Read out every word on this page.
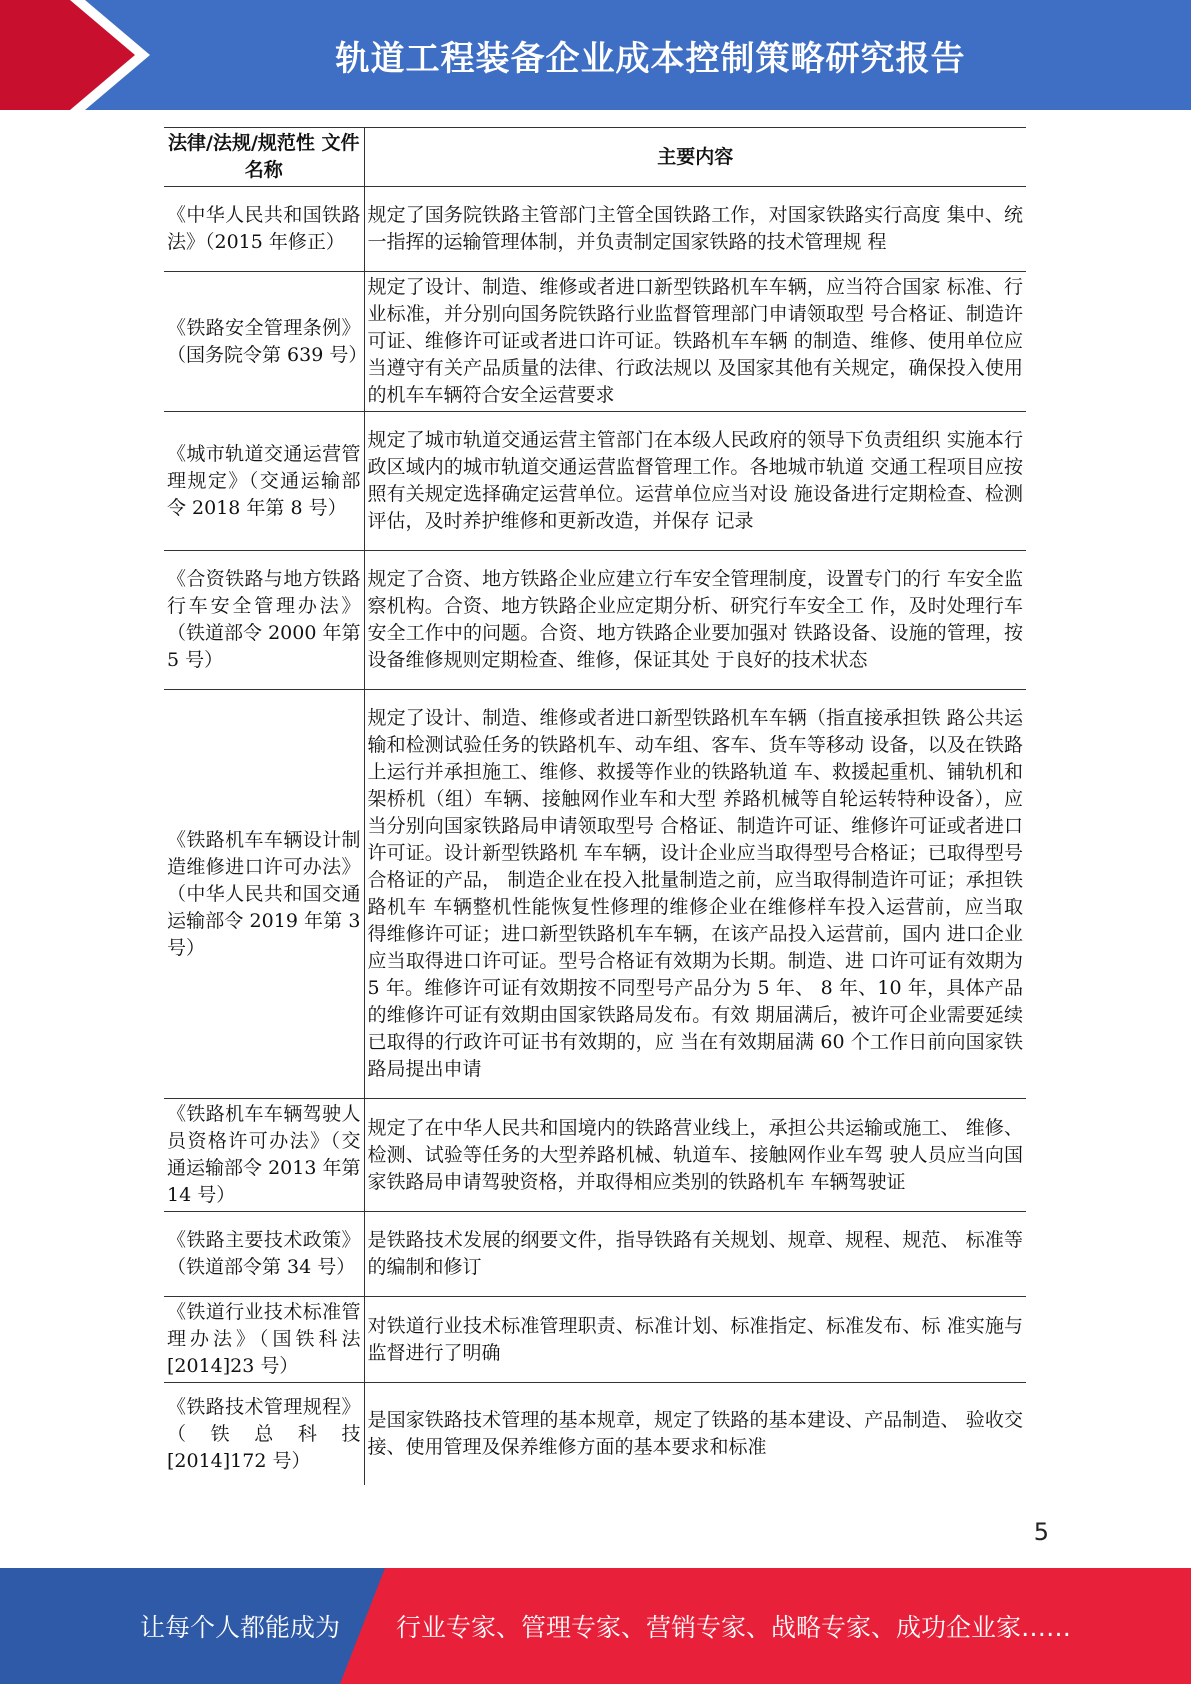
轨道工程装备企业成本控制策略研究报告
法律/法规/规范性 文件名称	主要内容
《中华人民共和国铁路法》（2015 年修正）	规定了国务院铁路主管部门主管全国铁路工作，对国家铁路实行高度 集中、统一指挥的运输管理体制，并负责制定国家铁路的技术管理规 程
《铁路安全管理条例》（国务院令第 639 号）	规定了设计、制造、维修或者进口新型铁路机车车辆，应当符合国家 标准、行业标准，并分别向国务院铁路行业监督管理部门申请领取型 号合格证、制造许可证、维修许可证或者进口许可证。铁路机车车辆 的制造、维修、使用单位应当遵守有关产品质量的法律、行政法规以 及国家其他有关规定，确保投入使用的机车车辆符合安全运营要求
《城市轨道交通运营管理规定》（交通运输部令 2018 年第 8 号）	规定了城市轨道交通运营主管部门在本级人民政府的领导下负责组织 实施本行政区域内的城市轨道交通运营监督管理工作。各地城市轨道 交通工程项目应按照有关规定选择确定运营单位。运营单位应当对设 施设备进行定期检查、检测评估，及时养护维修和更新改造，并保存 记录
《合资铁路与地方铁路行车安全管理办法》（铁道部令 2000 年第 5 号）	规定了合资、地方铁路企业应建立行车安全管理制度，设置专门的行 车安全监察机构。合资、地方铁路企业应定期分析、研究行车安全工 作，及时处理行车安全工作中的问题。合资、地方铁路企业要加强对 铁路设备、设施的管理，按设备维修规则定期检查、维修，保证其处 于良好的技术状态
《铁路机车车辆设计制造维修进口许可办法》（中华人民共和国交通运输部令 2019 年第 3 号）	规定了设计、制造、维修或者进口新型铁路机车车辆（指直接承担铁 路公共运输和检测试验任务的铁路机车、动车组、客车、货车等移动 设备，以及在铁路上运行并承担施工、维修、救援等作业的铁路轨道 车、救援起重机、铺轨机和架桥机（组）车辆、接触网作业车和大型 养路机械等自轮运转特种设备），应当分别向国家铁路局申请领取型号 合格证、制造许可证、维修许可证或者进口许可证。设计新型铁路机 车车辆，设计企业应当取得型号合格证；已取得型号合格证的产品， 制造企业在投入批量制造之前，应当取得制造许可证；承担铁路机车 车辆整机性能恢复性修理的维修企业在维修样车投入运营前，应当取 得维修许可证；进口新型铁路机车车辆，在该产品投入运营前，国内 进口企业应当取得进口许可证。型号合格证有效期为长期。制造、进 口许可证有效期为 5 年。维修许可证有效期按不同型号产品分为 5 年、 8 年、10 年，具体产品的维修许可证有效期由国家铁路局发布。有效 期届满后，被许可企业需要延续已取得的行政许可证书有效期的，应 当在有效期届满 60 个工作日前向国家铁路局提出申请
《铁路机车车辆驾驶人员资格许可办法》（交通运输部令 2013 年第 14 号）	规定了在中华人民共和国境内的铁路营业线上，承担公共运输或施工、 维修、检测、试验等任务的大型养路机械、轨道车、接触网作业车驾 驶人员应当向国家铁路局申请驾驶资格，并取得相应类别的铁路机车 车辆驾驶证
《铁路主要技术政策》（铁道部令第 34 号）	是铁路技术发展的纲要文件，指导铁路有关规划、规章、规程、规范、 标准等的编制和修订
《铁道行业技术标准管理办法》（国铁科法[2014]23 号）	对铁道行业技术标准管理职责、标准计划、标准指定、标准发布、标 准实施与监督进行了明确
《铁路技术管理规程》（铁总科技 [2014]172 号）	是国家铁路技术管理的基本规章，规定了铁路的基本建设、产品制造、 验收交接、使用管理及保养维修方面的基本要求和标准
5
让每个人都能成为 行业专家、管理专家、营销专家、战略专家、成功企业家……
